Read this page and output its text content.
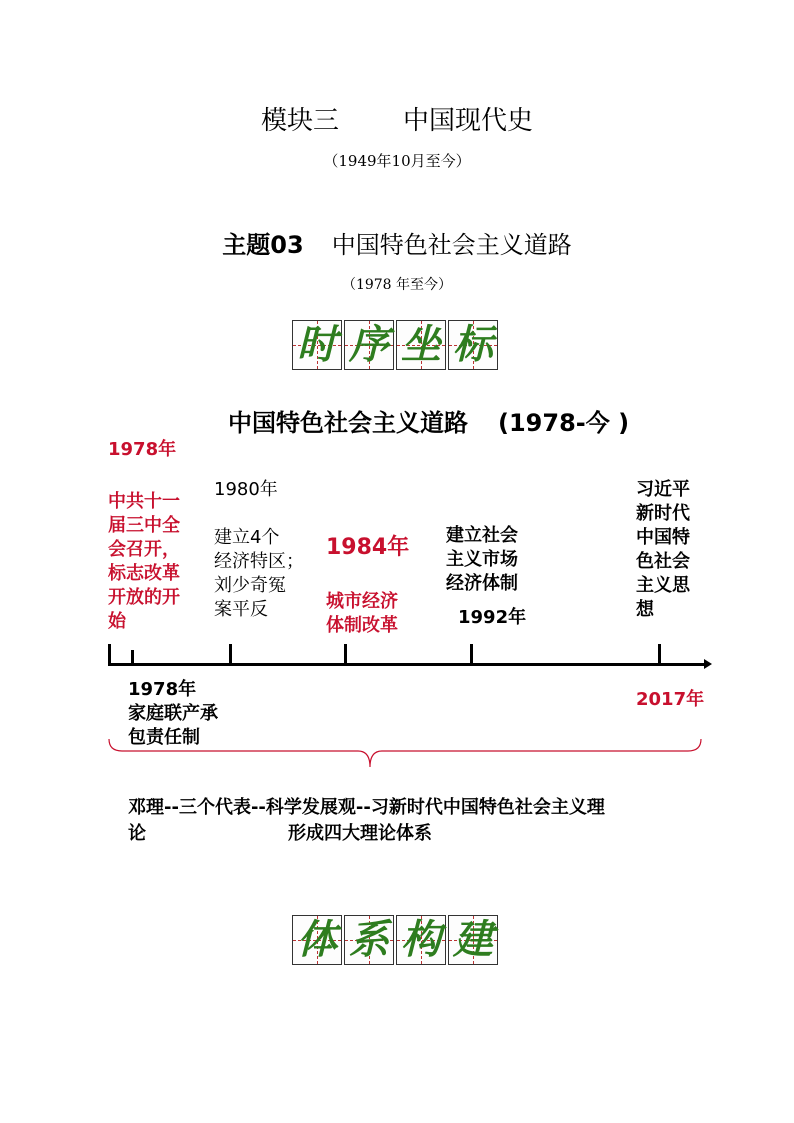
模块三 中国现代史
（1949年10月至今）
主题03 中国特色社会主义道路
（1978 年至今）
时 序 坐 标
中国特色社会主义道路 (1978-今 )
1978年
中共十一
届三中全
会召开，
标志改革
开放的开
始
1980年
建立4个
经济特区；
刘少奇冤
案平反
1984年
城市经济
体制改革
建立社会
主义市场
经济体制
1992年
习近平
新时代
中国特
色社会
主义思
想
1978年
家庭联产承
包责任制
2017年
邓理--三个代表--科学发展观--习新时代中国特色社会主义理
论	形成四大理论体系
体 系 构 建
